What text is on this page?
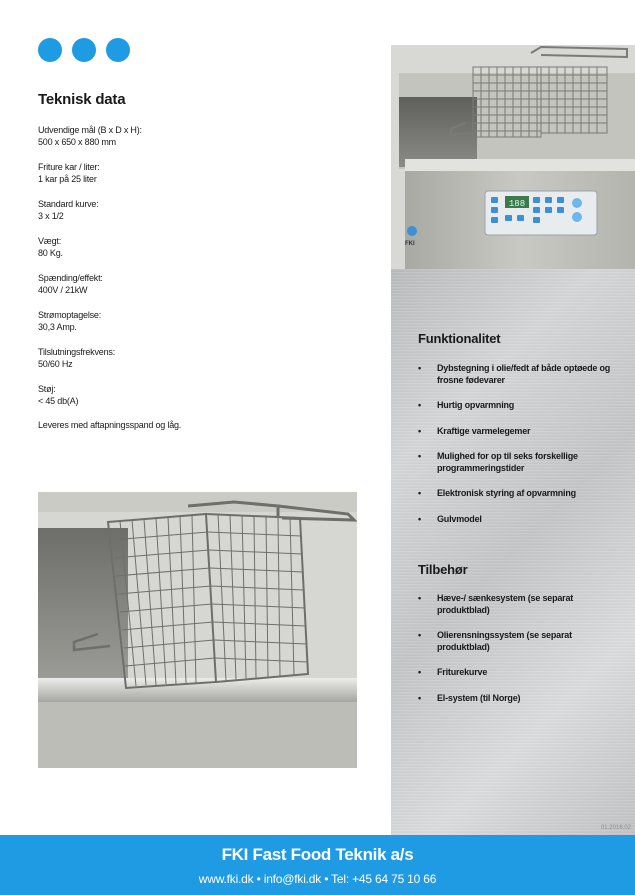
Teknisk data
Udvendige mål (B x D x H):
500 x 650 x 880 mm
Friture kar / liter:
1 kar på 25 liter
Standard kurve:
3 x 1/2
Vægt:
80 Kg.
Spænding/effekt:
400V / 21kW
Strømoptagelse:
30,3 Amp.
Tilslutningsfrekvens:
50/60 Hz
Støj:
< 45 db(A)
Leveres med aftapningsspand og låg.
188
FKI
Funktionalitet
• Dybstegning i olie/fedt af både optøede og frosne fødevarer
• Hurtig opvarmning
• Kraftige varmelegemer
• Mulighed for op til seks forskellige programmeringstider
• Elektronisk styring af opvarmning
• Gulvmodel
Tilbehør
• Hæve-/ sænkesystem (se separat produktblad)
• Olierensningssystem (se separat produktblad)
• Friturekurve
• El-system (til Norge)
01.2016.02
FKI Fast Food Teknik a/s
www.fki.dk • info@fki.dk • Tel: +45 64 75 10 66
